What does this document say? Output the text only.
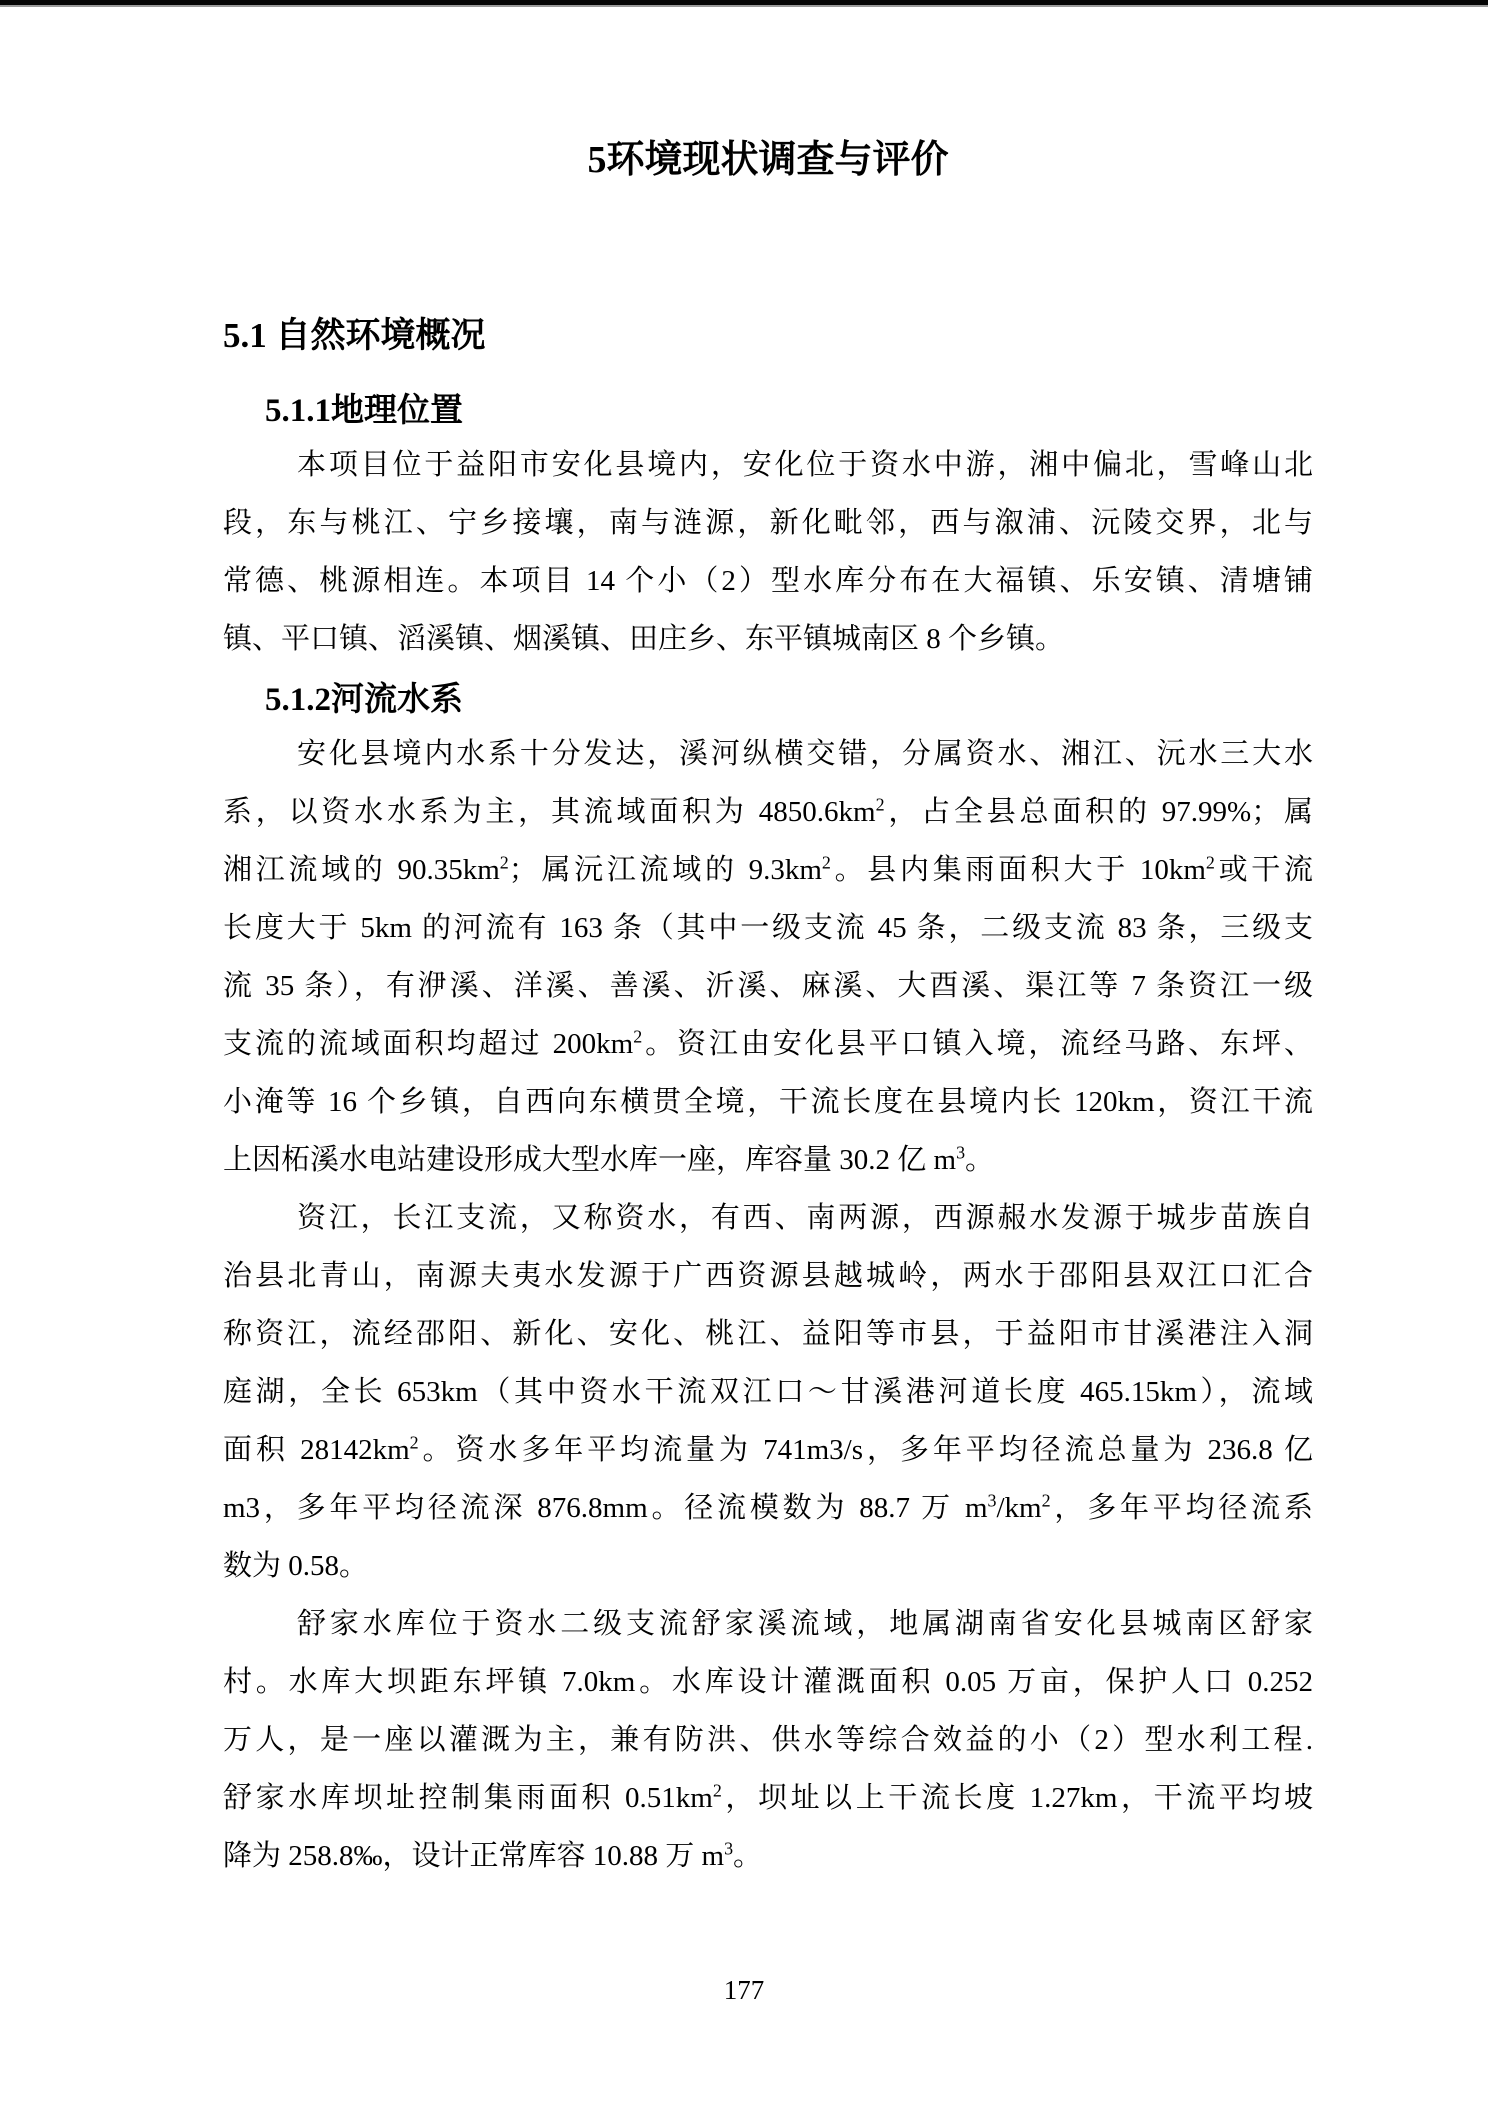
5环境现状调查与评价
5.1 自然环境概况
5.1.1地理位置
本项目位于益阳市安化县境内，安化位于资水中游，湘中偏北，雪峰山北
段，东与桃江、宁乡接壤，南与涟源，新化毗邻，西与溆浦、沅陵交界，北与
常德、桃源相连。本项目 14 个小（2）型水库分布在大福镇、乐安镇、清塘铺
镇、平口镇、滔溪镇、烟溪镇、田庄乡、东平镇城南区 8 个乡镇。
5.1.2河流水系
安化县境内水系十分发达，溪河纵横交错，分属资水、湘江、沅水三大水
系，以资水水系为主，其流域面积为 $4850.6km^2$，占全县总面积的 97.99%；属
湘江流域的 $90.35km^2$；属沅江流域的 $9.3km^2$。县内集雨面积大于 $10km^2$或干流
长度大于 5km 的河流有 163 条（其中一级支流 45 条，二级支流 83 条，三级支
流 35 条），有洢溪、洋溪、善溪、沂溪、麻溪、大酉溪、渠江等 7 条资江一级
支流的流域面积均超过 $200km^2$。资江由安化县平口镇入境，流经马路、东坪、
小淹等 16 个乡镇，自西向东横贯全境，干流长度在县境内长 120km，资江干流
上因柘溪水电站建设形成大型水库一座，库容量 30.2 亿 $m^3$。
资江，长江支流，又称资水，有西、南两源，西源赧水发源于城步苗族自
治县北青山，南源夫夷水发源于广西资源县越城岭，两水于邵阳县双江口汇合
称资江，流经邵阳、新化、安化、桃江、益阳等市县，于益阳市甘溪港注入洞
庭湖，全长 653km（其中资水干流双江口～甘溪港河道长度 465.15km），流域
面积 $28142km^2$。资水多年平均流量为 741m3/s，多年平均径流总量为 236.8 亿
m3，多年平均径流深 876.8mm。径流模数为 88.7 万 $m^3/km^2$，多年平均径流系
数为 0.58。
舒家水库位于资水二级支流舒家溪流域，地属湖南省安化县城南区舒家
村。水库大坝距东坪镇 7.0km。水库设计灌溉面积 0.05 万亩，保护人口 0.252
万人，是一座以灌溉为主，兼有防洪、供水等综合效益的小（2）型水利工程.
舒家水库坝址控制集雨面积 $0.51km^2$，坝址以上干流长度 1.27km，干流平均坡
降为 258.8‰，设计正常库容 10.88 万 $m^3$。
177
